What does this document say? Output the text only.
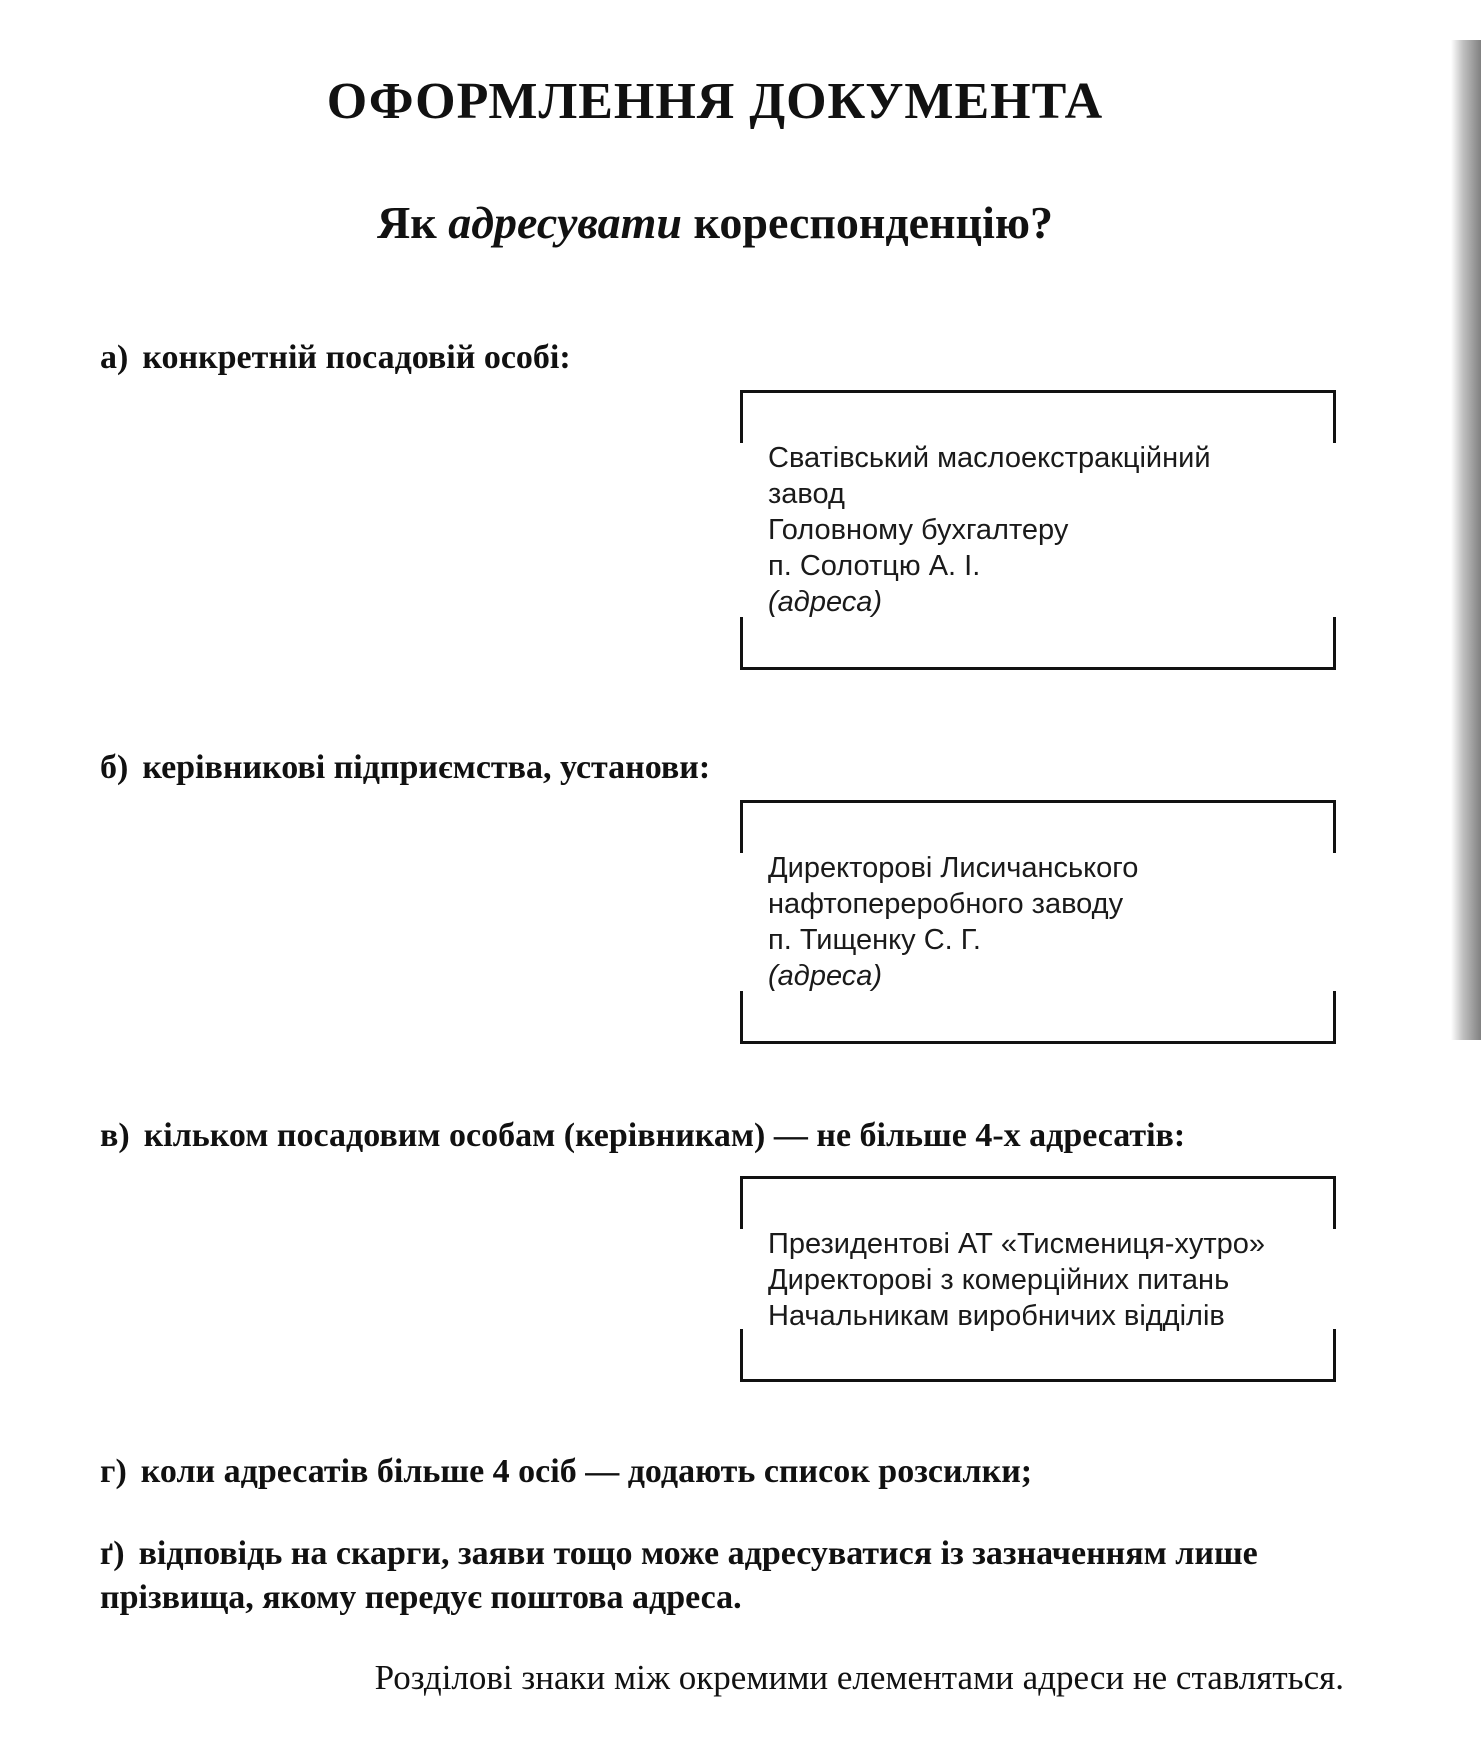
ОФОРМЛЕННЯ ДОКУМЕНТА
Як адресувати кореспонденцію?
а) конкретній посадовій особі:
Сватівський маслоекстракційний
завод
Головному бухгалтеру
п. Солотцю А. І.
(адреса)
б) керівникові підприємства, установи:
Директорові Лисичанського
нафтопереробного заводу
п. Тищенку С. Г.
(адреса)
в) кільком посадовим особам (керівникам) — не більше 4-х адресатів:
Президентові АТ «Тисмениця-хутро»
Директорові з комерційних питань
Начальникам виробничих відділів
г) коли адресатів більше 4 осіб — додають список розсилки;
ґ) відповідь на скарги, заяви тощо може адресуватися із зазначенням лише прізвища, якому передує поштова адреса.
Розділові знаки між окремими елементами адреси не ставляться.
